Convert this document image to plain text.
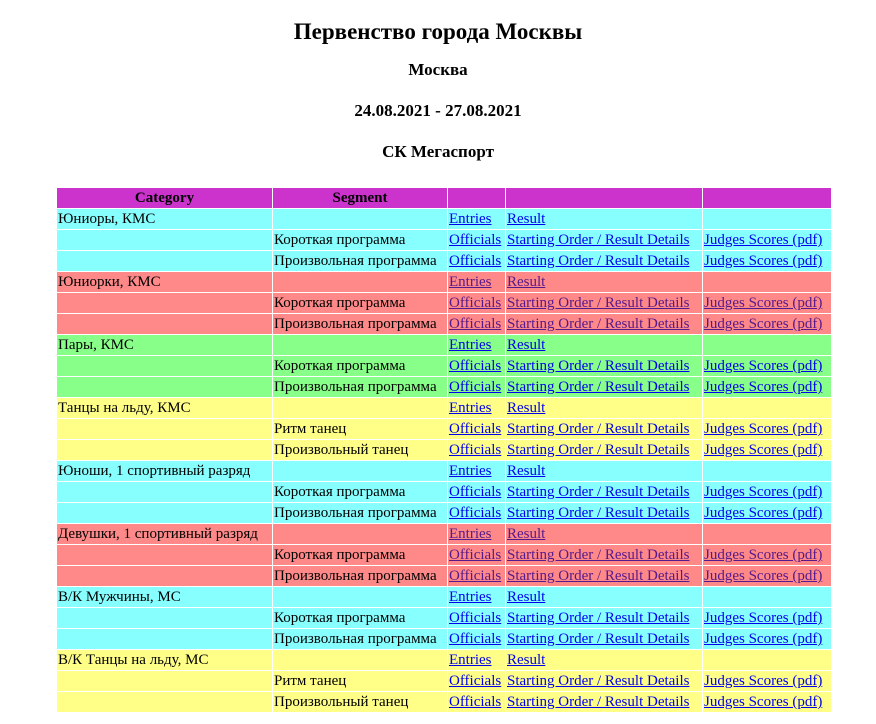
Первенство города Москвы
Москва
24.08.2021 - 27.08.2021
СК Мегаспорт
Category	Segment			
Юниоры, КМС		Entries	Result	
	Короткая программа	Officials	Starting Order / Result Details	Judges Scores (pdf)
	Произвольная программа	Officials	Starting Order / Result Details	Judges Scores (pdf)
Юниорки, КМС		Entries	Result	
	Короткая программа	Officials	Starting Order / Result Details	Judges Scores (pdf)
	Произвольная программа	Officials	Starting Order / Result Details	Judges Scores (pdf)
Пары, КМС		Entries	Result	
	Короткая программа	Officials	Starting Order / Result Details	Judges Scores (pdf)
	Произвольная программа	Officials	Starting Order / Result Details	Judges Scores (pdf)
Танцы на льду, КМС		Entries	Result	
	Ритм танец	Officials	Starting Order / Result Details	Judges Scores (pdf)
	Произвольный танец	Officials	Starting Order / Result Details	Judges Scores (pdf)
Юноши, 1 спортивный разряд		Entries	Result	
	Короткая программа	Officials	Starting Order / Result Details	Judges Scores (pdf)
	Произвольная программа	Officials	Starting Order / Result Details	Judges Scores (pdf)
Девушки, 1 спортивный разряд		Entries	Result	
	Короткая программа	Officials	Starting Order / Result Details	Judges Scores (pdf)
	Произвольная программа	Officials	Starting Order / Result Details	Judges Scores (pdf)
В/К Мужчины, МС		Entries	Result	
	Короткая программа	Officials	Starting Order / Result Details	Judges Scores (pdf)
	Произвольная программа	Officials	Starting Order / Result Details	Judges Scores (pdf)
В/К Танцы на льду, МС		Entries	Result	
	Ритм танец	Officials	Starting Order / Result Details	Judges Scores (pdf)
	Произвольный танец	Officials	Starting Order / Result Details	Judges Scores (pdf)
